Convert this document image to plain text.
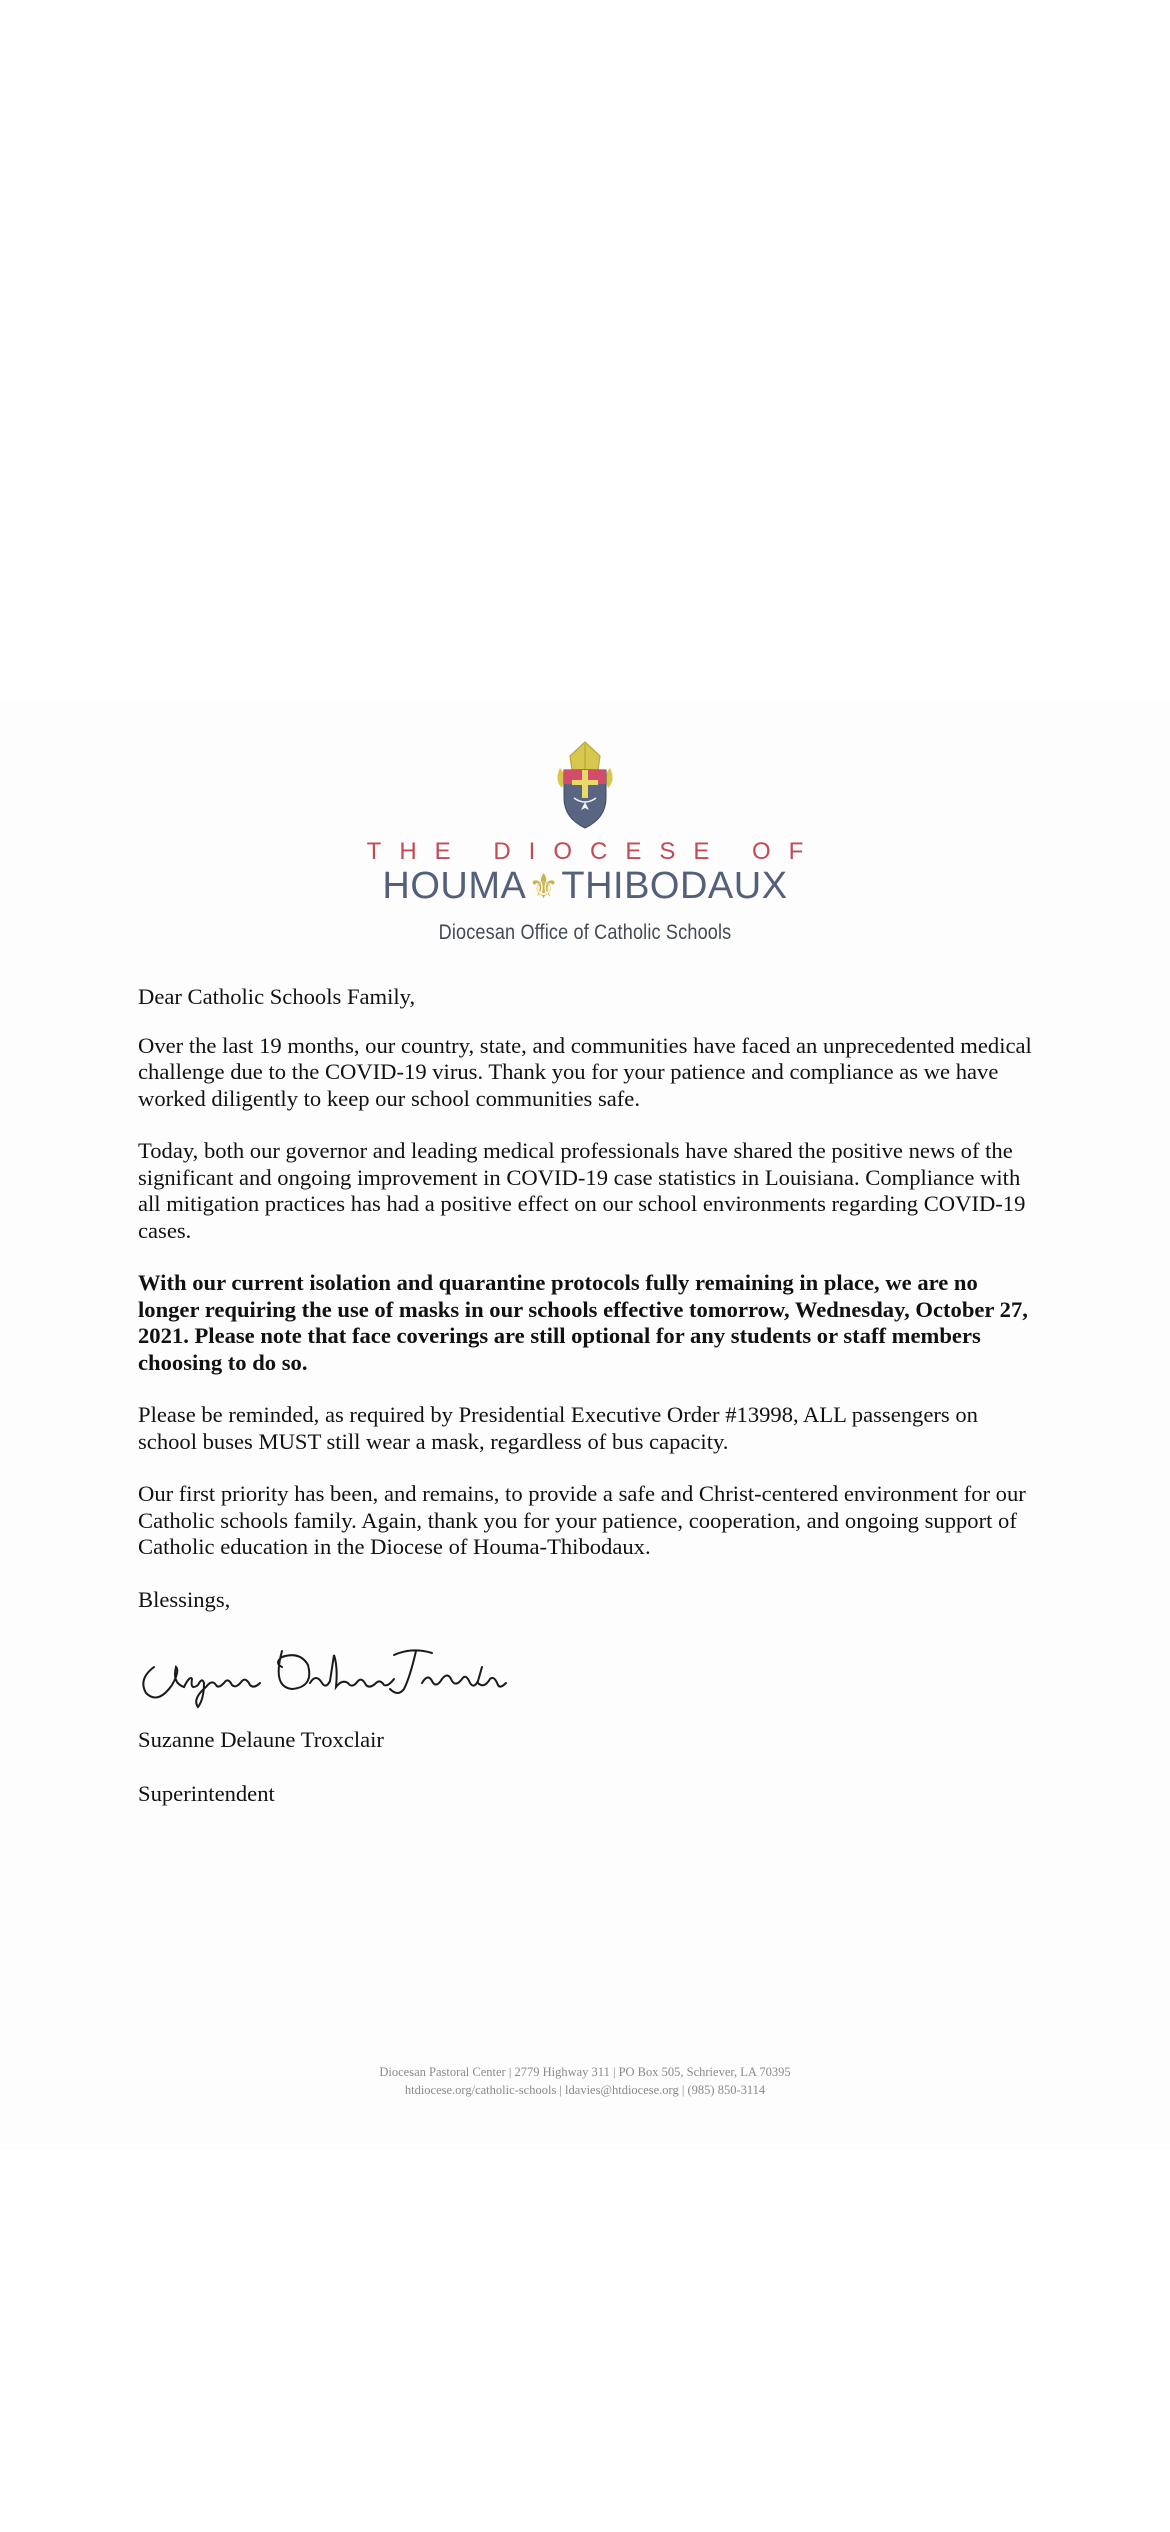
THE DIOCESE OF
HOUMA⚜THIBODAUX
Diocesan Office of Catholic Schools

Dear Catholic Schools Family,

Over the last 19 months, our country, state, and communities have faced an unprecedented medical challenge due to the COVID-19 virus. Thank you for your patience and compliance as we have worked diligently to keep our school communities safe.

Today, both our governor and leading medical professionals have shared the positive news of the significant and ongoing improvement in COVID-19 case statistics in Louisiana. Compliance with all mitigation practices has had a positive effect on our school environments regarding COVID-19 cases.

With our current isolation and quarantine protocols fully remaining in place, we are no longer requiring the use of masks in our schools effective tomorrow, Wednesday, October 27, 2021. Please note that face coverings are still optional for any students or staff members choosing to do so.

Please be reminded, as required by Presidential Executive Order #13998, ALL passengers on school buses MUST still wear a mask, regardless of bus capacity.

Our first priority has been, and remains, to provide a safe and Christ-centered environment for our Catholic schools family. Again, thank you for your patience, cooperation, and ongoing support of Catholic education in the Diocese of Houma-Thibodaux.

Blessings,

Suzanne Delaune Troxclair

Superintendent

Diocesan Pastoral Center | 2779 Highway 311 | PO Box 505, Schriever, LA 70395
htdiocese.org/catholic-schools | ldavies@htdiocese.org | (985) 850-3114
